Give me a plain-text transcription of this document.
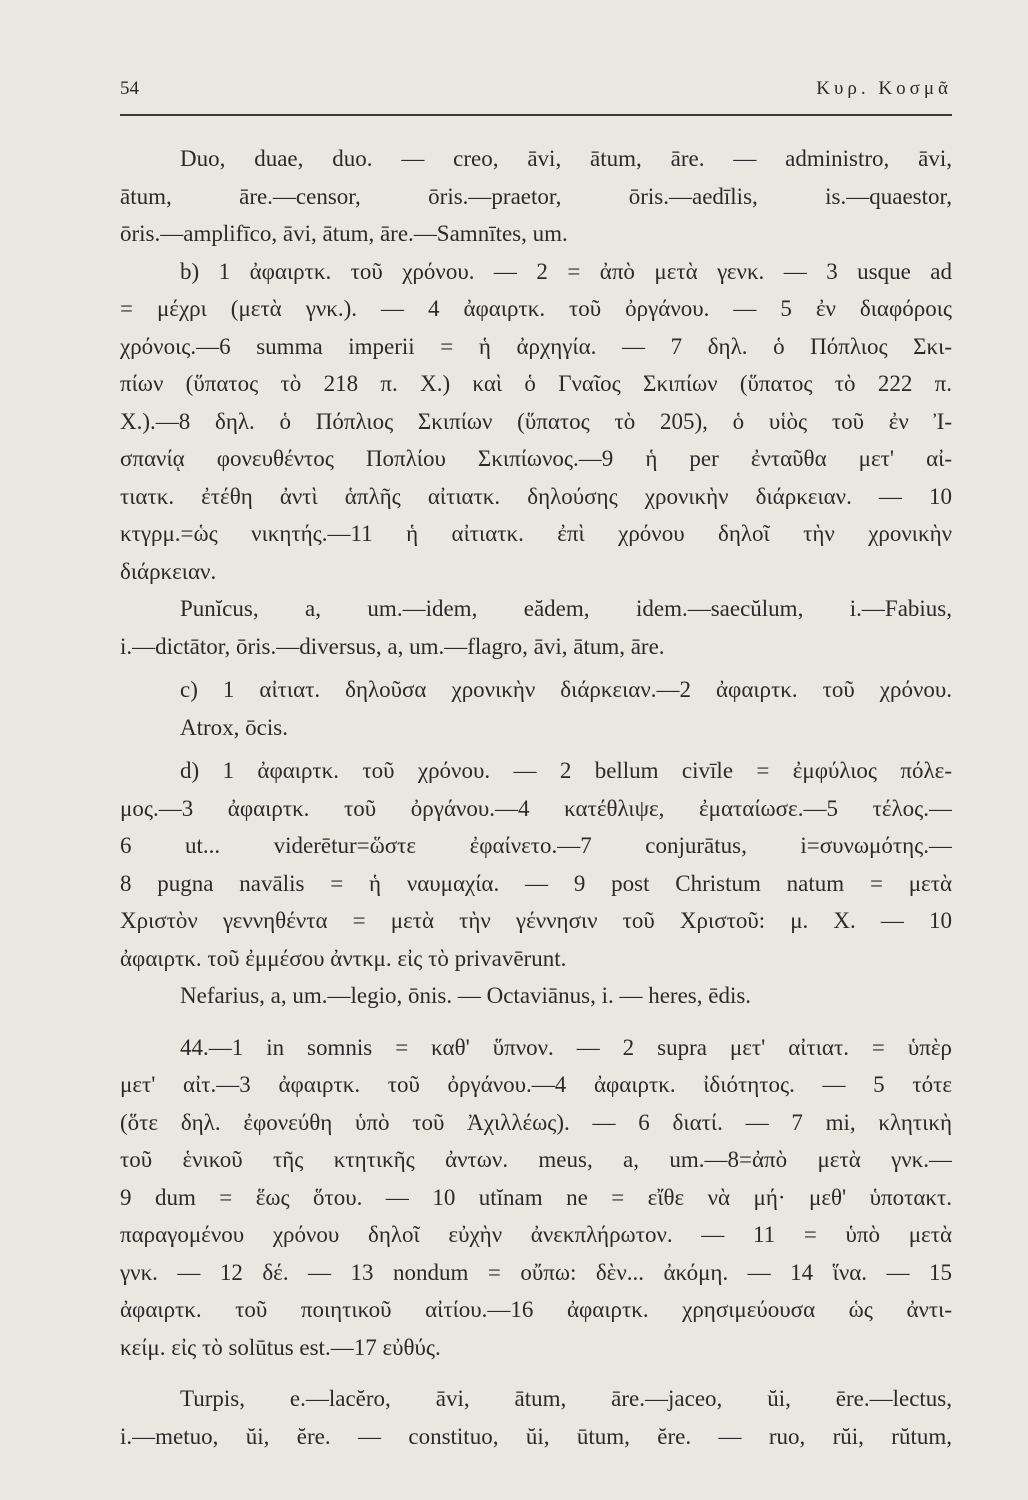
54	Κυρ. Κοσμᾶ
Duo, duae, duo. — creo, āvi, ātum, āre. — administro, āvi,
ātum, āre.—censor, ōris.—praetor, ōris.—aedīlis, is.—quaestor,
ōris.—amplifīco, āvi, ātum, āre.—Samnītes, um.
b) 1 ἀφαιρτκ. τοῦ χρόνου. — 2 = ἀπὸ μετὰ γενκ. — 3 usque ad
= μέχρι (μετὰ γνκ.). — 4 ἀφαιρτκ. τοῦ ὀργάνου. — 5 ἐν διαφόροις
χρόνοις.—6 summa imperii = ἡ ἀρχηγία. — 7 δηλ. ὁ Πόπλιος Σκι-
πίων (ὕπατος τὸ 218 π. Χ.) καὶ ὁ Γναῖος Σκιπίων (ὕπατος τὸ 222 π.
Χ.).—8 δηλ. ὁ Πόπλιος Σκιπίων (ὕπατος τὸ 205), ὁ υἱὸς τοῦ ἐν Ἰ-
σπανίᾳ φονευθέντος Ποπλίου Σκιπίωνος.—9 ἡ per ἐνταῦθα μετ' αἰ-
τιατκ. ἐτέθη ἀντὶ ἁπλῆς αἰτιατκ. δηλούσης χρονικὴν διάρκειαν. — 10
κτγρμ.=ὡς νικητής.—11 ἡ αἰτιατκ. ἐπὶ χρόνου δηλοῖ τὴν χρονικὴν
διάρκειαν.
Punĭcus, a, um.—idem, eădem, idem.—saecŭlum, i.—Fabius,
i.—dictātor, ōris.—diversus, a, um.—flagro, āvi, ātum, āre.
c) 1 αἰτιατ. δηλοῦσα χρονικὴν διάρκειαν.—2 ἀφαιρτκ. τοῦ χρόνου.
Atrox, ōcis.
d) 1 ἀφαιρτκ. τοῦ χρόνου. — 2 bellum civīle = ἐμφύλιος πόλε-
μος.—3 ἀφαιρτκ. τοῦ ὀργάνου.—4 κατέθλιψε, ἐματαίωσε.—5 τέλος.—
6 ut... viderētur=ὥστε ἐφαίνετο.—7 conjurātus, i=συνωμότης.—
8 pugna navālis = ἡ ναυμαχία. — 9 post Christum natum = μετὰ
Χριστὸν γεννηθέντα = μετὰ τὴν γέννησιν τοῦ Χριστοῦ: μ. Χ. — 10
ἀφαιρτκ. τοῦ ἐμμέσου ἀντκμ. εἰς τὸ privavērunt.
Nefarius, a, um.—legio, ōnis. — Octaviānus, i. — heres, ēdis.
44.—1 in somnis = καθ' ὕπνον. — 2 supra μετ' αἰτιατ. = ὑπὲρ
μετ' αἰτ.—3 ἀφαιρτκ. τοῦ ὀργάνου.—4 ἀφαιρτκ. ἰδιότητος. — 5 τότε
(ὅτε δηλ. ἐφονεύθη ὑπὸ τοῦ Ἀχιλλέως). — 6 διατί. — 7 mi, κλητικὴ
τοῦ ἑνικοῦ τῆς κτητικῆς ἀντων. meus, a, um.—8=ἀπὸ μετὰ γνκ.—
9 dum = ἕως ὅτου. — 10 utĭnam ne = εἴθε νὰ μή· μεθ' ὑποτακτ.
παραγομένου χρόνου δηλοῖ εὐχὴν ἀνεκπλήρωτον. — 11 = ὑπὸ μετὰ
γνκ. — 12 δέ. — 13 nondum = οὔπω: δὲν... ἀκόμη. — 14 ἵνα. — 15
ἀφαιρτκ. τοῦ ποιητικοῦ αἰτίου.—16 ἀφαιρτκ. χρησιμεύουσα ὡς ἀντι-
κείμ. εἰς τὸ solūtus est.—17 εὐθύς.
Turpis, e.—lacĕro, āvi, ātum, āre.—jaceo, ŭi, ēre.—lectus,
i.—metuo, ŭi, ĕre. — constituo, ŭi, ūtum, ĕre. — ruo, rŭi, rŭtum,
